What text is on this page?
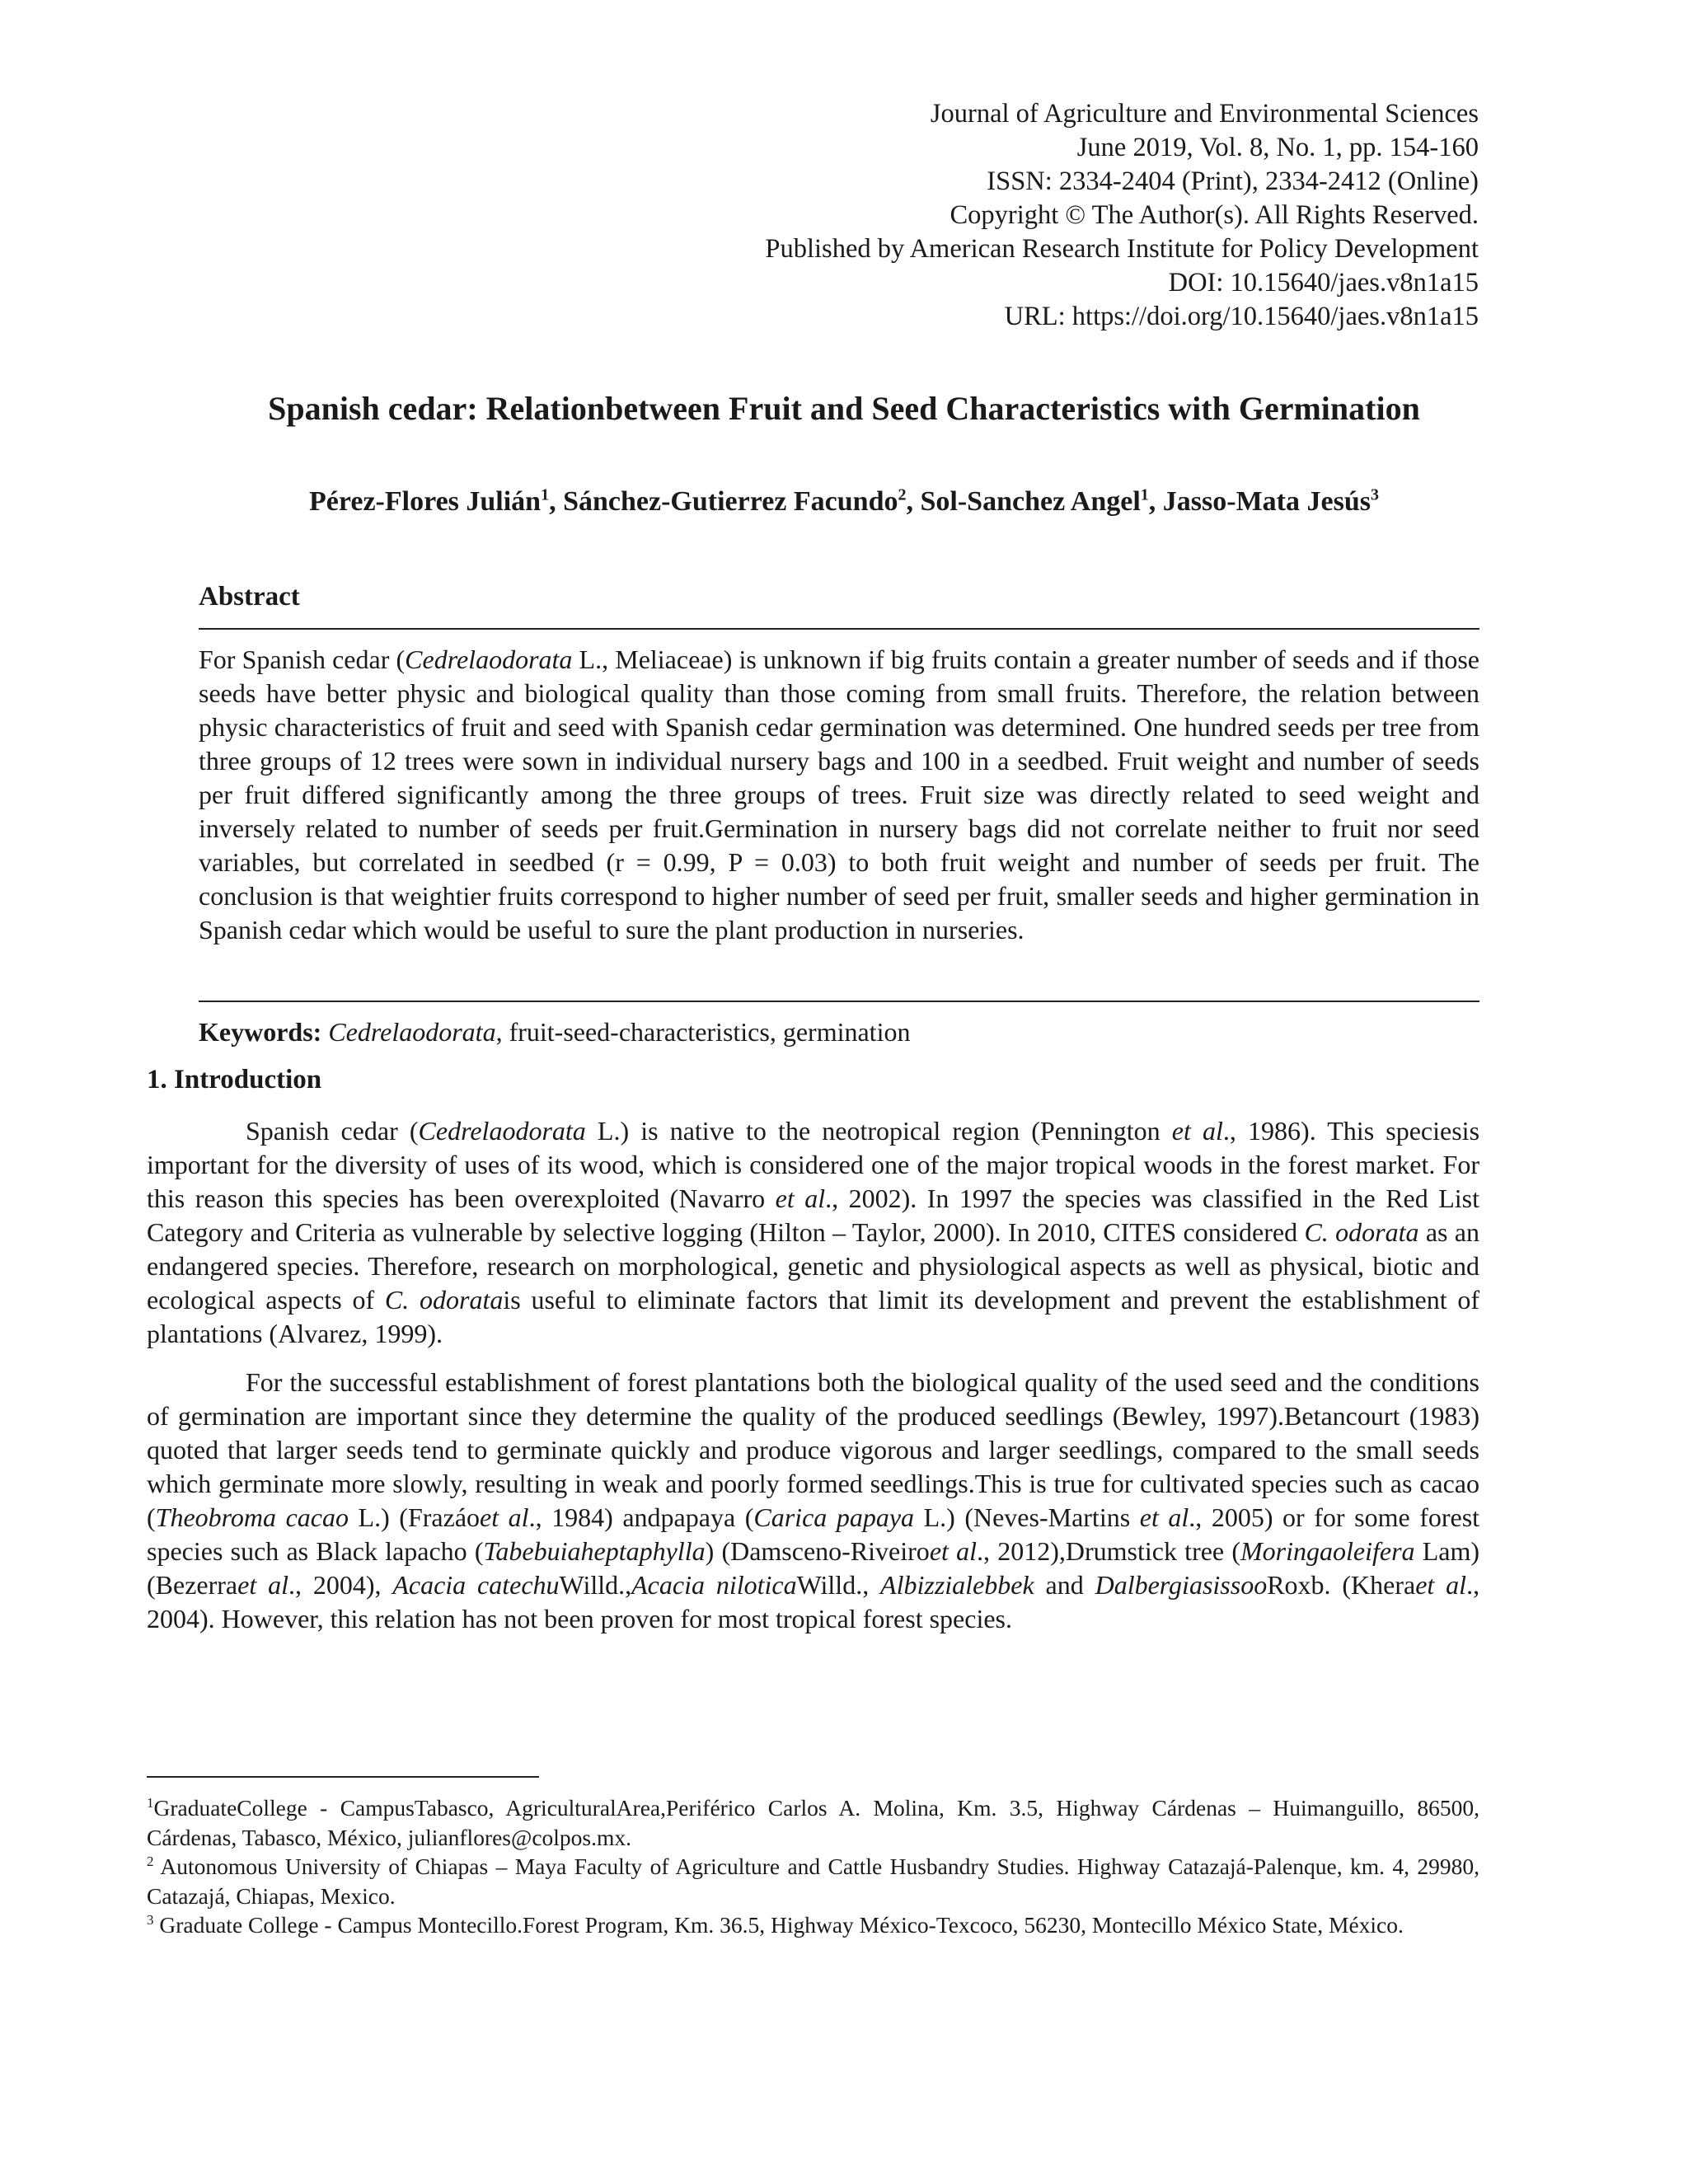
Journal of Agriculture and Environmental Sciences
June 2019, Vol. 8, No. 1, pp. 154-160
ISSN: 2334-2404 (Print), 2334-2412 (Online)
Copyright © The Author(s). All Rights Reserved.
Published by American Research Institute for Policy Development
DOI: 10.15640/jaes.v8n1a15
URL: https://doi.org/10.15640/jaes.v8n1a15
Spanish cedar: Relationbetween Fruit and Seed Characteristics with Germination
Pérez-Flores Julián$^1$, Sánchez-Gutierrez Facundo$^2$, Sol-Sanchez Angel$^1$, Jasso-Mata Jesús$^3$
Abstract
For Spanish cedar (Cedrelaodorata L., Meliaceae) is unknown if big fruits contain a greater number of seeds and if those seeds have better physic and biological quality than those coming from small fruits. Therefore, the relation between physic characteristics of fruit and seed with Spanish cedar germination was determined. One hundred seeds per tree from three groups of 12 trees were sown in individual nursery bags and 100 in a seedbed. Fruit weight and number of seeds per fruit differed significantly among the three groups of trees. Fruit size was directly related to seed weight and inversely related to number of seeds per fruit.Germination in nursery bags did not correlate neither to fruit nor seed variables, but correlated in seedbed (r = 0.99, P = 0.03) to both fruit weight and number of seeds per fruit. The conclusion is that weightier fruits correspond to higher number of seed per fruit, smaller seeds and higher germination in Spanish cedar which would be useful to sure the plant production in nurseries.
Keywords: Cedrelaodorata, fruit-seed-characteristics, germination
1. Introduction

Spanish cedar (Cedrelaodorata L.) is native to the neotropical region (Pennington et al., 1986). This speciesis important for the diversity of uses of its wood, which is considered one of the major tropical woods in the forest market. For this reason this species has been overexploited (Navarro et al., 2002). In 1997 the species was classified in the Red List Category and Criteria as vulnerable by selective logging (Hilton – Taylor, 2000). In 2010, CITES considered C. odorata as an endangered species. Therefore, research on morphological, genetic and physiological aspects as well as physical, biotic and ecological aspects of C. odoratais useful to eliminate factors that limit its development and prevent the establishment of plantations (Alvarez, 1999).

For the successful establishment of forest plantations both the biological quality of the used seed and the conditions of germination are important since they determine the quality of the produced seedlings (Bewley, 1997).Betancourt (1983) quoted that larger seeds tend to germinate quickly and produce vigorous and larger seedlings, compared to the small seeds which germinate more slowly, resulting in weak and poorly formed seedlings.This is true for cultivated species such as cacao (Theobroma cacao L.) (Frazáoet al., 1984) andpapaya (Carica papaya L.) (Neves-Martins et al., 2005) or for some forest species such as Black lapacho (Tabebuiaheptaphylla) (Damsceno-Riveiroet al., 2012),Drumstick tree (Moringaoleifera Lam) (Bezerraet al., 2004), Acacia catechuWilld.,Acacia niloticaWilld., Albizzialebbek and DalbergiasissooRoxb. (Kheraet al., 2004). However, this relation has not been proven for most tropical forest species.

$^1$GraduateCollege - CampusTabasco, AgriculturalArea,Periférico Carlos A. Molina, Km. 3.5, Highway Cárdenas – Huimanguillo, 86500, Cárdenas, Tabasco, México, julianflores@colpos.mx.

$^2$ Autonomous University of Chiapas – Maya Faculty of Agriculture and Cattle Husbandry Studies. Highway Catazajá-Palenque, km. 4, 29980, Catazajá, Chiapas, Mexico.

$^3$ Graduate College - Campus Montecillo.Forest Program, Km. 36.5, Highway México-Texcoco, 56230, Montecillo México State, México.
